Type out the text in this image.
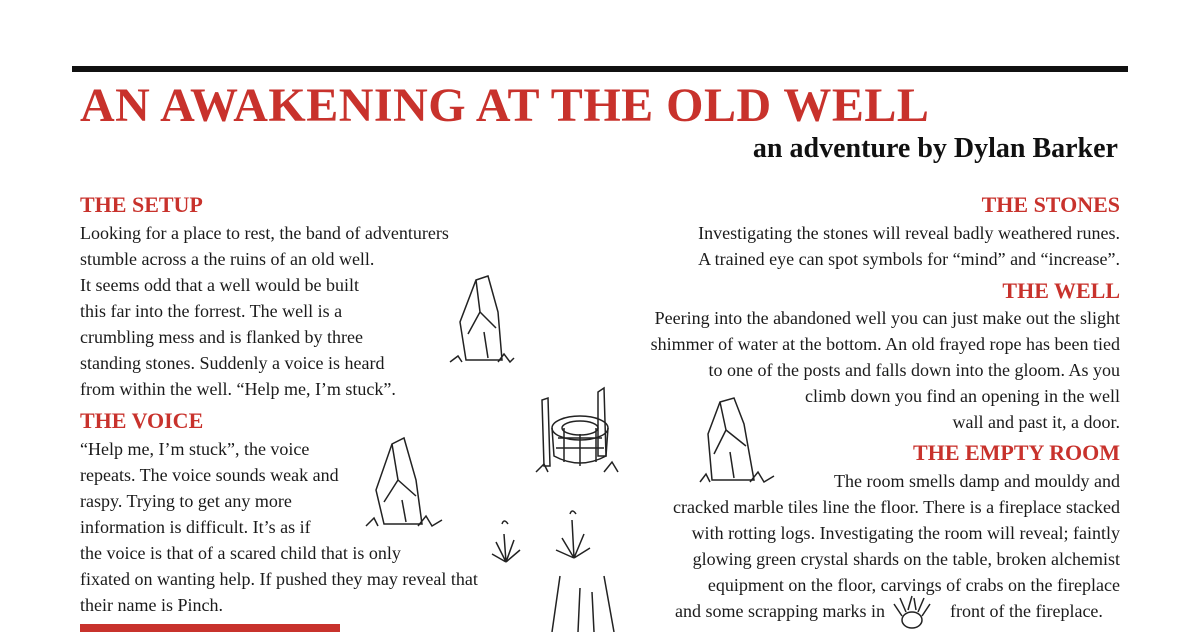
AN AWAKENING AT THE OLD WELL
an adventure by Dylan Barker
THE SETUP
Looking for a place to rest, the band of adventurers
stumble across a the ruins of an old well.
It seems odd that a well would be built
this far into the forrest. The well is a
crumbling mess and is flanked by three
standing stones. Suddenly a voice is heard
from within the well. “Help me, I’m stuck”.
THE VOICE
“Help me, I’m stuck”, the voice
repeats. The voice sounds weak and
raspy. Trying to get any more
information is difficult. It’s as if
the voice is that of a scared child that is only
fixated on wanting help. If pushed they may reveal that
their name is Pinch.
THE STONES
Investigating the stones will reveal badly weathered runes.
A trained eye can spot symbols for “mind” and “increase”.
THE WELL
Peering into the abandoned well you can just make out the slight
shimmer of water at the bottom. An old frayed rope has been tied
to one of the posts and falls down into the gloom. As you
climb down you find an opening in the well
wall and past it, a door.
THE EMPTY ROOM
The room smells damp and mouldy and
cracked marble tiles line the floor. There is a fireplace stacked
with rotting logs. Investigating the room will reveal; faintly
glowing green crystal shards on the table, broken alchemist
equipment on the floor, carvings of crabs on the fireplace
and some scrapping marks in	front of the fireplace.
